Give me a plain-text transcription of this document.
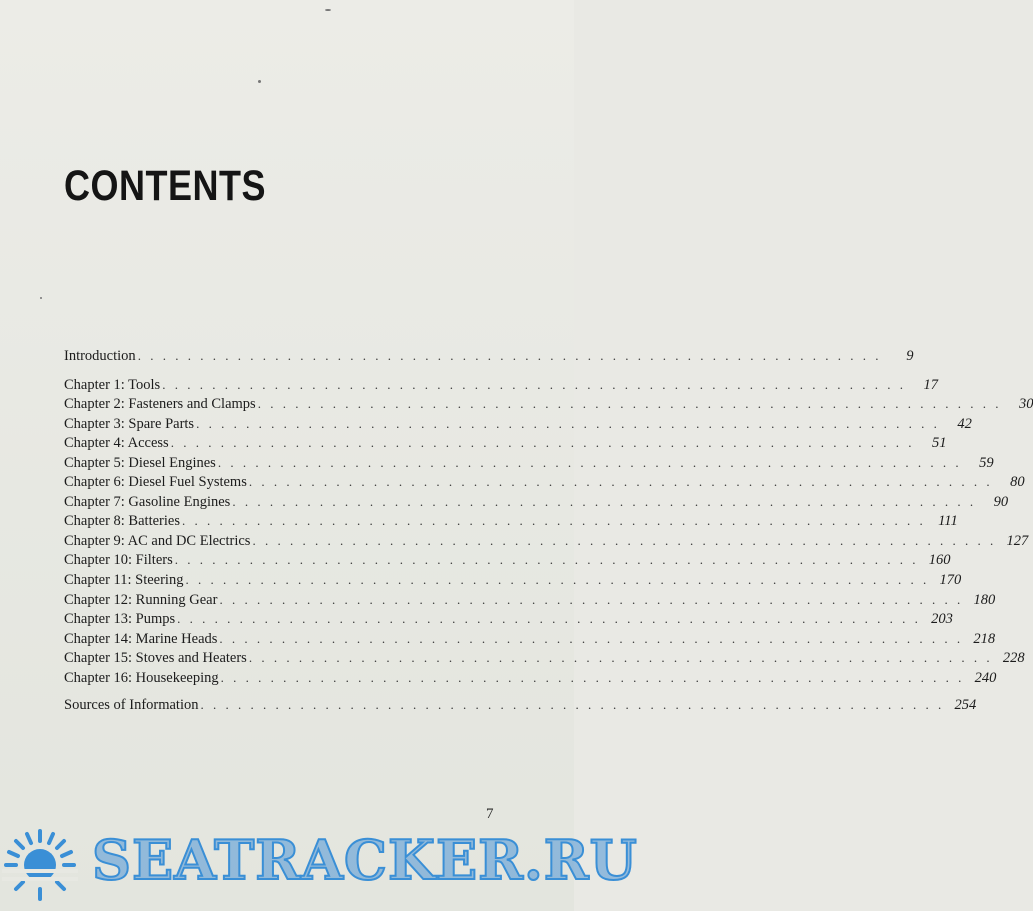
CONTENTS
Introduction . . .	9
Chapter 1: Tools . . .	17
Chapter 2: Fasteners and Clamps . . .	30
Chapter 3: Spare Parts . . .	42
Chapter 4: Access . . .	51
Chapter 5: Diesel Engines . . .	59
Chapter 6: Diesel Fuel Systems . . .	80
Chapter 7: Gasoline Engines . . .	90
Chapter 8: Batteries . . .	111
Chapter 9: AC and DC Electrics . . .	127
Chapter 10: Filters . . .	160
Chapter 11: Steering . . .	170
Chapter 12: Running Gear . . .	180
Chapter 13: Pumps . . .	203
Chapter 14: Marine Heads . . .	218
Chapter 15: Stoves and Heaters . . .	228
Chapter 16: Housekeeping . . .	240
Sources of Information . . .	254
7
SEATRACKER.RU
